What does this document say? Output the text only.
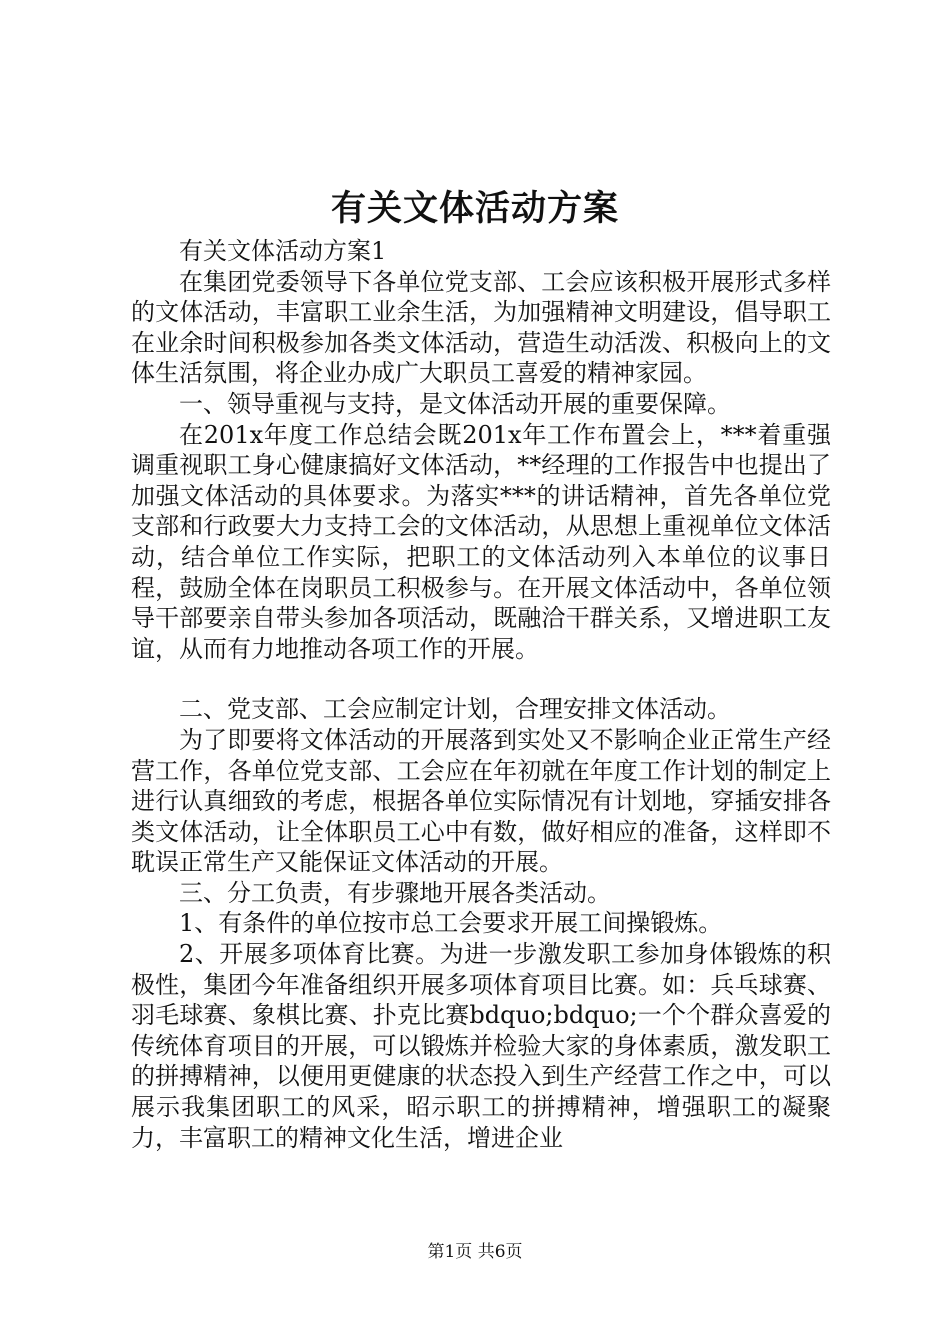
有关文体活动方案

有关文体活动方案1

在集团党委领导下各单位党支部、工会应该积极开展形式多样的文体活动，丰富职工业余生活，为加强精神文明建设，倡导职工在业余时间积极参加各类文体活动，营造生动活泼、积极向上的文体生活氛围，将企业办成广大职员工喜爱的精神家园。

一、领导重视与支持，是文体活动开展的重要保障。

在201x年度工作总结会既201x年工作布置会上，***着重强调重视职工身心健康搞好文体活动，**经理的工作报告中也提出了加强文体活动的具体要求。为落实***的讲话精神，首先各单位党支部和行政要大力支持工会的文体活动，从思想上重视单位文体活动，结合单位工作实际，把职工的文体活动列入本单位的议事日程，鼓励全体在岗职员工积极参与。在开展文体活动中，各单位领导干部要亲自带头参加各项活动，既融洽干群关系，又增进职工友谊，从而有力地推动各项工作的开展。

二、党支部、工会应制定计划，合理安排文体活动。

为了即要将文体活动的开展落到实处又不影响企业正常生产经营工作，各单位党支部、工会应在年初就在年度工作计划的制定上进行认真细致的考虑，根据各单位实际情况有计划地，穿插安排各类文体活动，让全体职员工心中有数，做好相应的准备，这样即不耽误正常生产又能保证文体活动的开展。

三、分工负责，有步骤地开展各类活动。

1、有条件的单位按市总工会要求开展工间操锻炼。

2、开展多项体育比赛。为进一步激发职工参加身体锻炼的积极性，集团今年准备组织开展多项体育项目比赛。如：兵乓球赛、羽毛球赛、象棋比赛、扑克比赛bdquo;bdquo;一个个群众喜爱的传统体育项目的开展，可以锻炼并检验大家的身体素质，激发职工的拼搏精神，以便用更健康的状态投入到生产经营工作之中，可以展示我集团职工的风采，昭示职工的拼搏精神，增强职工的凝聚力，丰富职工的精神文化生活，增进企业

第1页 共6页
